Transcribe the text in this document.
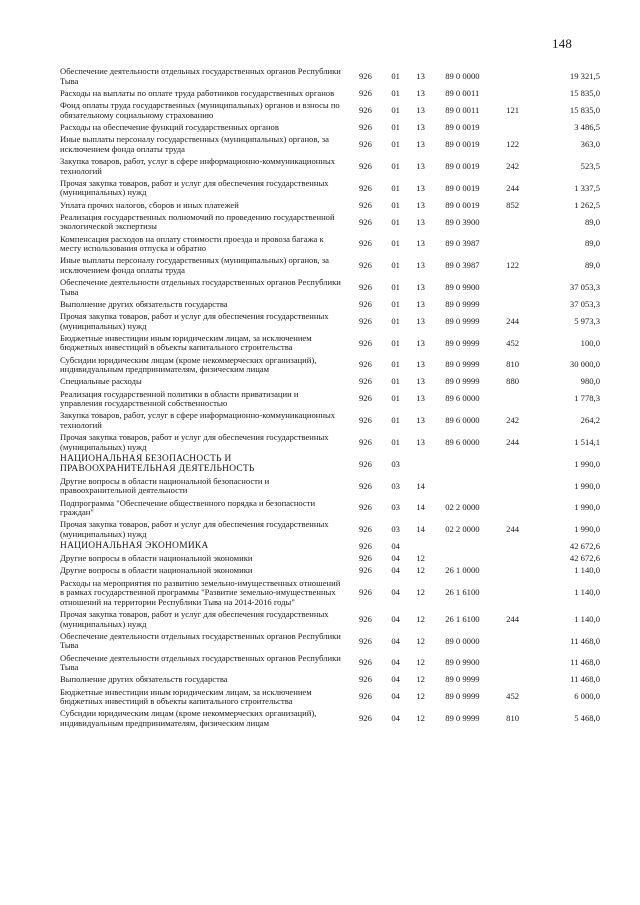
148
Обеспечение деятельности отдельных государственных органов Республики Тыва	926	01	13	89 0 0000		19 321,5
Расходы на выплаты по оплате труда работников государственных органов	926	01	13	89 0 0011		15 835,0
Фонд оплаты труда государственных (муниципальных) органов и взносы по обязательному социальному страхованию	926	01	13	89 0 0011	121	15 835,0
Расходы на обеспечение функций государственных органов	926	01	13	89 0 0019		3 486,5
Иные выплаты персоналу государственных (муниципальных) органов, за исключением фонда оплаты труда	926	01	13	89 0 0019	122	363,0
Закупка товаров, работ, услуг в сфере информационно-коммуникационных технологий	926	01	13	89 0 0019	242	523,5
Прочая закупка товаров, работ и услуг для обеспечения государственных (муниципальных) нужд	926	01	13	89 0 0019	244	1 337,5
Уплата прочих налогов, сборов и иных платежей	926	01	13	89 0 0019	852	1 262,5
Реализация государственных полномочий по проведению государственной экологической экспертизы	926	01	13	89 0 3900		89,0
Компенсация расходов на оплату стоимости проезда и провоза багажа к месту использования отпуска и обратно	926	01	13	89 0 3987		89,0
Иные выплаты персоналу государственных (муниципальных) органов, за исключением фонда оплаты труда	926	01	13	89 0 3987	122	89,0
Обеспечение деятельности отдельных государственных органов Республики Тыва	926	01	13	89 0 9900		37 053,3
Выполнение других обязательств государства	926	01	13	89 0 9999		37 053,3
Прочая закупка товаров, работ и услуг для обеспечения государственных (муниципальных) нужд	926	01	13	89 0 9999	244	5 973,3
Бюджетные инвестиции иным юридическим лицам, за исключением бюджетных инвестиций в объекты капитального строительства	926	01	13	89 0 9999	452	100,0
Субсидии юридическим лицам (кроме некоммерческих организаций), индивидуальным предпринимателям, физическим лицам	926	01	13	89 0 9999	810	30 000,0
Специальные расходы	926	01	13	89 0 9999	880	980,0
Реализация государственной политики в области приватизации и управления государственной собственностью	926	01	13	89 6 0000		1 778,3
Закупка товаров, работ, услуг в сфере информационно-коммуникационных технологий	926	01	13	89 6 0000	242	264,2
Прочая закупка товаров, работ и услуг для обеспечения государственных (муниципальных) нужд	926	01	13	89 6 0000	244	1 514,1
НАЦИОНАЛЬНАЯ БЕЗОПАСНОСТЬ И ПРАВООХРАНИТЕЛЬНАЯ ДЕЯТЕЛЬНОСТЬ	926	03				1 990,0
Другие вопросы в области национальной безопасности и правоохранительной деятельности	926	03	14			1 990,0
Подпрограмма "Обеспечение общественного порядка и безопасности граждан"	926	03	14	02 2 0000		1 990,0
Прочая закупка товаров, работ и услуг для обеспечения государственных (муниципальных) нужд	926	03	14	02 2 0000	244	1 990,0
НАЦИОНАЛЬНАЯ ЭКОНОМИКА	926	04				42 672,6
Другие вопросы в области национальной экономики	926	04	12			42 672,6
Другие вопросы в области национальной экономики	926	04	12	26 1 0000		1 140,0
Расходы на мероприятия по развитию земельно-имущественных отношений в рамках государственной программы "Развитие земельно-имущественных отношений на территории Республики Тыва на 2014-2016 годы"	926	04	12	26 1 6100		1 140,0
Прочая закупка товаров, работ и услуг для обеспечения государственных (муниципальных) нужд	926	04	12	26 1 6100	244	1 140,0
Обеспечение деятельности отдельных государственных органов Республики Тыва	926	04	12	89 0 0000		11 468,0
Обеспечение деятельности отдельных государственных органов Республики Тыва	926	04	12	89 0 9900		11 468,0
Выполнение других обязательств государства	926	04	12	89 0 9999		11 468,0
Бюджетные инвестиции иным юридическим лицам, за исключением бюджетных инвестиций в объекты капитального строительства	926	04	12	89 0 9999	452	6 000,0
Субсидии юридическим лицам (кроме некоммерческих организаций), индивидуальным предпринимателям, физическим лицам	926	04	12	89 0 9999	810	5 468,0
